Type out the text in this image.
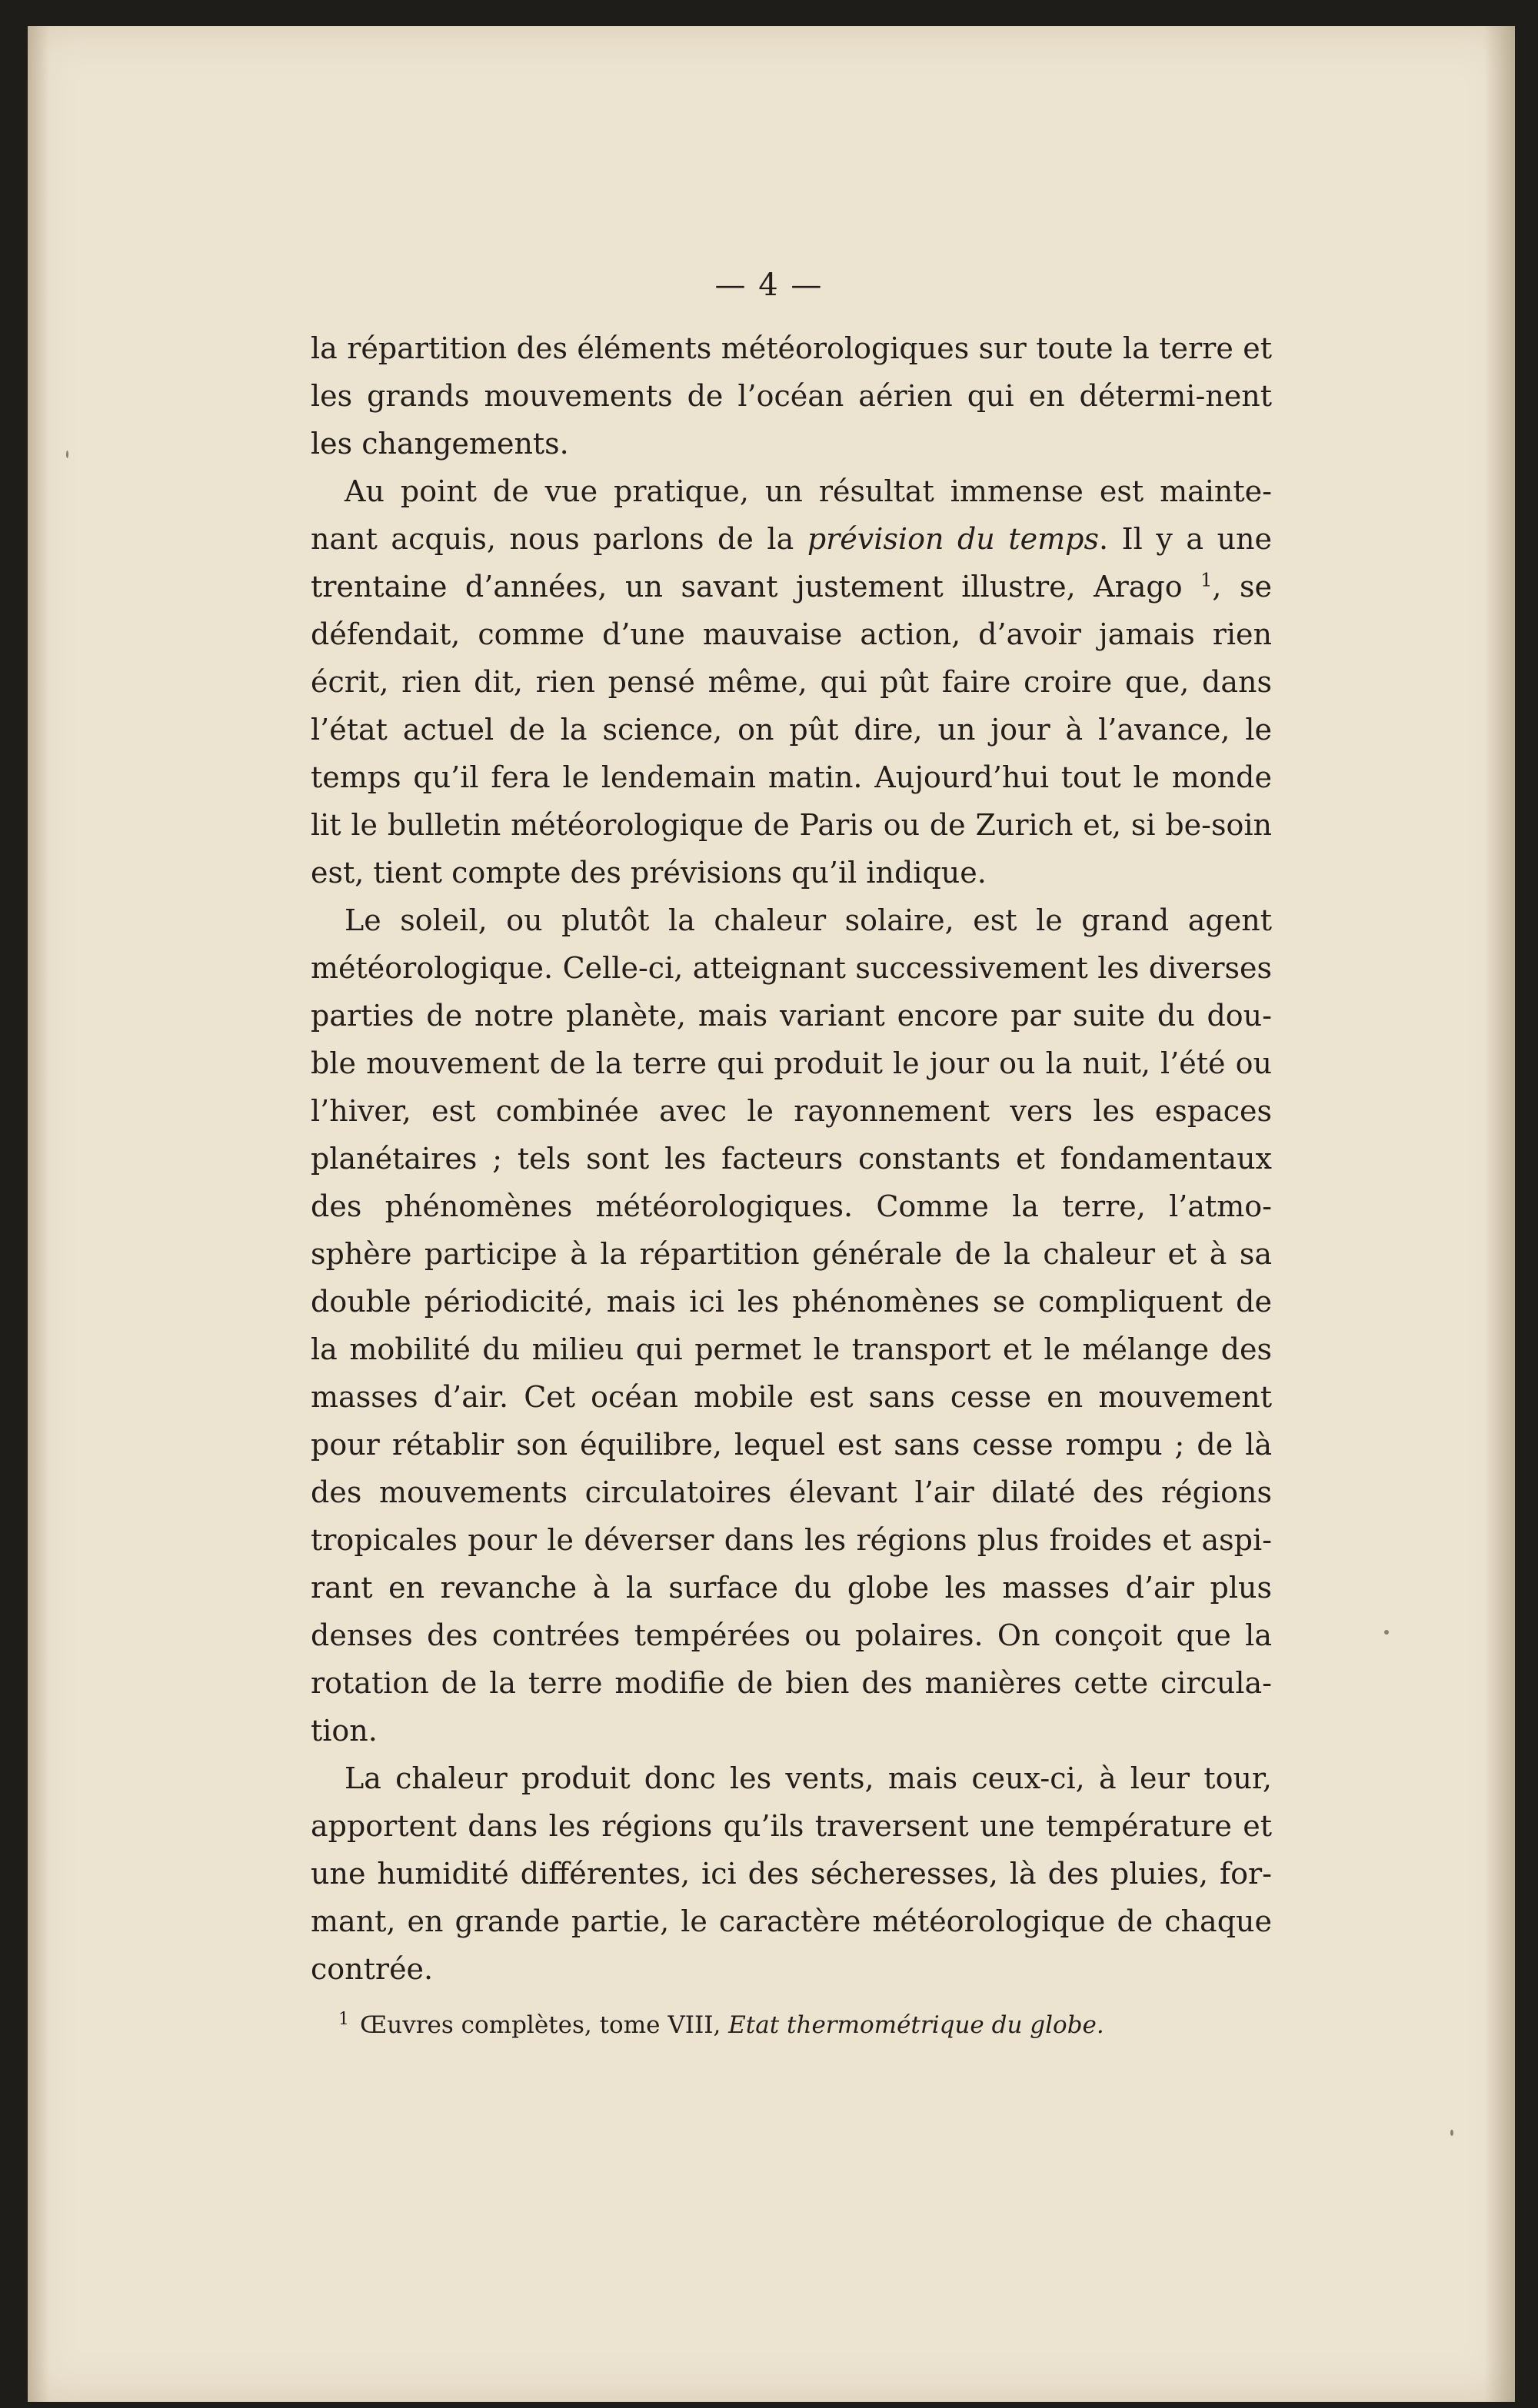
— 4 —

la répartition des éléments météorologiques sur toute la terre et les grands mouvements de l’océan aérien qui en détermi-nent les changements.

Au point de vue pratique, un résultat immense est mainte-nant acquis, nous parlons de la prévision du temps. Il y a une trentaine d’années, un savant justement illustre, Arago $^1$, se défendait, comme d’une mauvaise action, d’avoir jamais rien écrit, rien dit, rien pensé même, qui pût faire croire que, dans l’état actuel de la science, on pût dire, un jour à l’avance, le temps qu’il fera le lendemain matin. Aujourd’hui tout le monde lit le bulletin météorologique de Paris ou de Zurich et, si be-soin est, tient compte des prévisions qu’il indique.

Le soleil, ou plutôt la chaleur solaire, est le grand agent météorologique. Celle-ci, atteignant successivement les diverses parties de notre planète, mais variant encore par suite du dou-ble mouvement de la terre qui produit le jour ou la nuit, l’été ou l’hiver, est combinée avec le rayonnement vers les espaces planétaires ; tels sont les facteurs constants et fondamentaux des phénomènes météorologiques. Comme la terre, l’atmo-sphère participe à la répartition générale de la chaleur et à sa double périodicité, mais ici les phénomènes se compliquent de la mobilité du milieu qui permet le transport et le mélange des masses d’air. Cet océan mobile est sans cesse en mouvement pour rétablir son équilibre, lequel est sans cesse rompu ; de là des mouvements circulatoires élevant l’air dilaté des régions tropicales pour le déverser dans les régions plus froides et aspi-rant en revanche à la surface du globe les masses d’air plus denses des contrées tempérées ou polaires. On conçoit que la rotation de la terre modifie de bien des manières cette circula-tion.

La chaleur produit donc les vents, mais ceux-ci, à leur tour, apportent dans les régions qu’ils traversent une température et une humidité différentes, ici des sécheresses, là des pluies, for-mant, en grande partie, le caractère météorologique de chaque contrée.

$^1$ Œuvres complètes, tome VIII, Etat thermométrique du globe.
